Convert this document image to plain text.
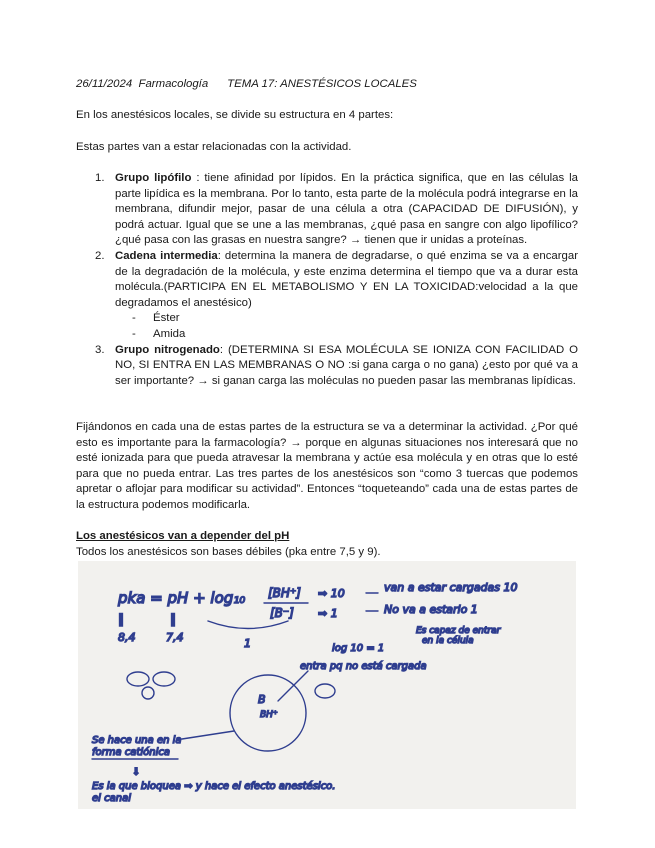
26/11/2024 Farmacología TEMA 17: ANESTÉSICOS LOCALES
En los anestésicos locales, se divide su estructura en 4 partes:
Estas partes van a estar relacionadas con la actividad.
1. Grupo lipófilo : tiene afinidad por lípidos. En la práctica significa, que en las células la parte lipídica es la membrana. Por lo tanto, esta parte de la molécula podrá integrarse en la membrana, difundir mejor, pasar de una célula a otra (CAPACIDAD DE DIFUSIÓN), y podrá actuar. Igual que se une a las membranas, ¿qué pasa en sangre con algo lipofílico? ¿qué pasa con las grasas en nuestra sangre? → tienen que ir unidas a proteínas.
2. Cadena intermedia: determina la manera de degradarse, o qué enzima se va a encargar de la degradación de la molécula, y este enzima determina el tiempo que va a durar esta molécula.(PARTICIPA EN EL METABOLISMO Y EN LA TOXICIDAD:velocidad a la que degradamos el anestésico)
- Éster
- Amida
3. Grupo nitrogenado: (DETERMINA SI ESA MOLÉCULA SE IONIZA CON FACILIDAD O NO, SI ENTRA EN LAS MEMBRANAS O NO :si gana carga o no gana) ¿esto por qué va a ser importante? → si ganan carga las moléculas no pueden pasar las membranas lipídicas.
Fijándonos en cada una de estas partes de la estructura se va a determinar la actividad. ¿Por qué esto es importante para la farmacología? → porque en algunas situaciones nos interesará que no esté ionizada para que pueda atravesar la membrana y actúe esa molécula y en otras que lo esté para que no pueda entrar. Las tres partes de los anestésicos son “como 3 tuercas que podemos apretar o aflojar para modificar su actividad”. Entonces “toqueteando” cada una de estas partes de la estructura podemos modificarla.
Los anestésicos van a depender del pH
Todos los anestésicos son bases débiles (pka entre 7,5 y 9).
pka = pH + log₁₀ [BH⁺]
[B⁻]
‖	‖
8,4	7,4	1
⇒ 10
⇒ 1
van a estar cargadas 10
No va a estarlo 1
Es capaz de entrar
en la célula
log 10 = 1
B
BH⁺
entra pq no está cargada
Se hace una en la
forma catiónica
⇓
Es la que bloquea ⇒ y hace el efecto anestésico.
el canal
